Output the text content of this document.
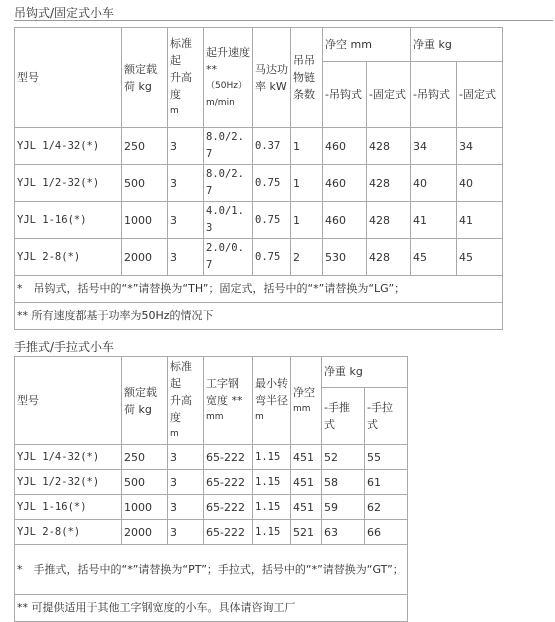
吊钩式/固定式小车
型号	额定载荷 kg	标准起
升高度
m	起升速度
**
（50Hz）
m/min	马达功
率 kW	吊吊
物链
条数	净空 mm		净重 kg	
						-吊钩式	-固定式	-吊钩式	-固定式
YJL 1/4-32(*)	250	3	8.0/2.7	0.37	1	460	428	34	34
YJL 1/2-32(*)	500	3	8.0/2.7	0.75	1	460	428	40	40
YJL 1-16(*)	1000	3	4.0/1.3	0.75	1	460	428	41	41
YJL 2-8(*)	2000	3	2.0/0.7	0.75	2	530	428	45	45
*　吊钩式，括号中的“*”请替换为“TH”；固定式，括号中的“*”请替换为“LG”；									
** 所有速度都基于功率为50Hz的情况下									
手推式/手拉式小车
型号	额定载荷 kg	标准起
升高度
m	工字钢
宽度 **
mm	最小转
弯半径
m	净空
mm	净重 kg	

						-手推
式	-手拉
式

YJL 1/4-32(*)	250	3	65-222	1.15	451	52	55
YJL 1/2-32(*)	500	3	65-222	1.15	451	58	61
YJL 1-16(*)	1000	3	65-222	1.15	451	59	62
YJL 2-8(*)	2000	3	65-222	1.15	521	63	66
*　手推式，括号中的“*”请替换为“PT”；手拉式，括号中的“*”请替换为“GT”；							
** 可提供适用于其他工字钢宽度的小车。具体请咨询工厂							
